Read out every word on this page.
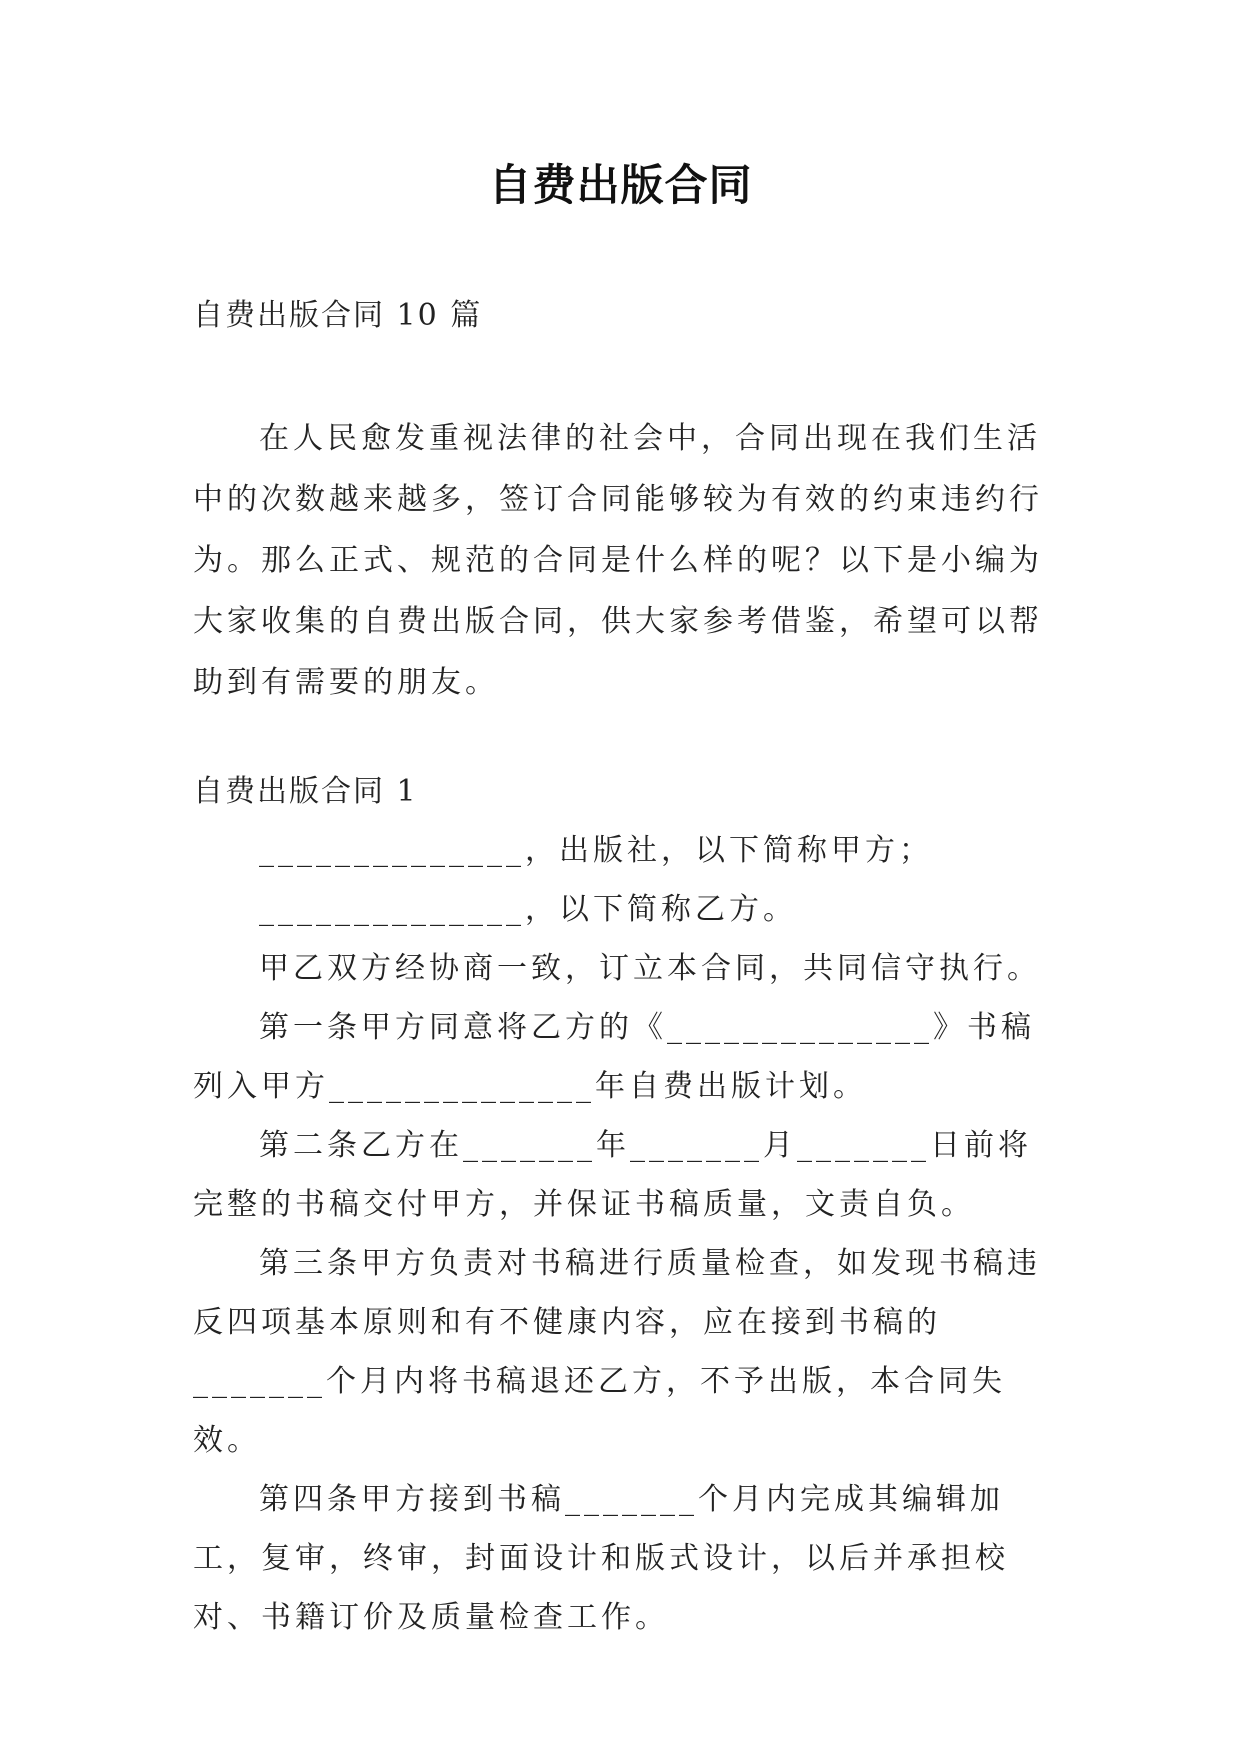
自费出版合同
自费出版合同 10 篇

在人民愈发重视法律的社会中，合同出现在我们生活中的次数越来越多，签订合同能够较为有效的约束违约行为。那么正式、规范的合同是什么样的呢？以下是小编为大家收集的自费出版合同，供大家参考借鉴，希望可以帮助到有需要的朋友。

自费出版合同 1

______________，出版社，以下简称甲方；

______________，以下简称乙方。

甲乙双方经协商一致，订立本合同，共同信守执行。

第一条甲方同意将乙方的《______________》书稿列入甲方______________年自费出版计划。

第二条乙方在_______年_______月_______日前将完整的书稿交付甲方，并保证书稿质量，文责自负。

第三条甲方负责对书稿进行质量检查，如发现书稿违反四项基本原则和有不健康内容，应在接到书稿的_______个月内将书稿退还乙方，不予出版，本合同失效。

第四条甲方接到书稿_______个月内完成其编辑加工，复审，终审，封面设计和版式设计，以后并承担校对、书籍订价及质量检查工作。
